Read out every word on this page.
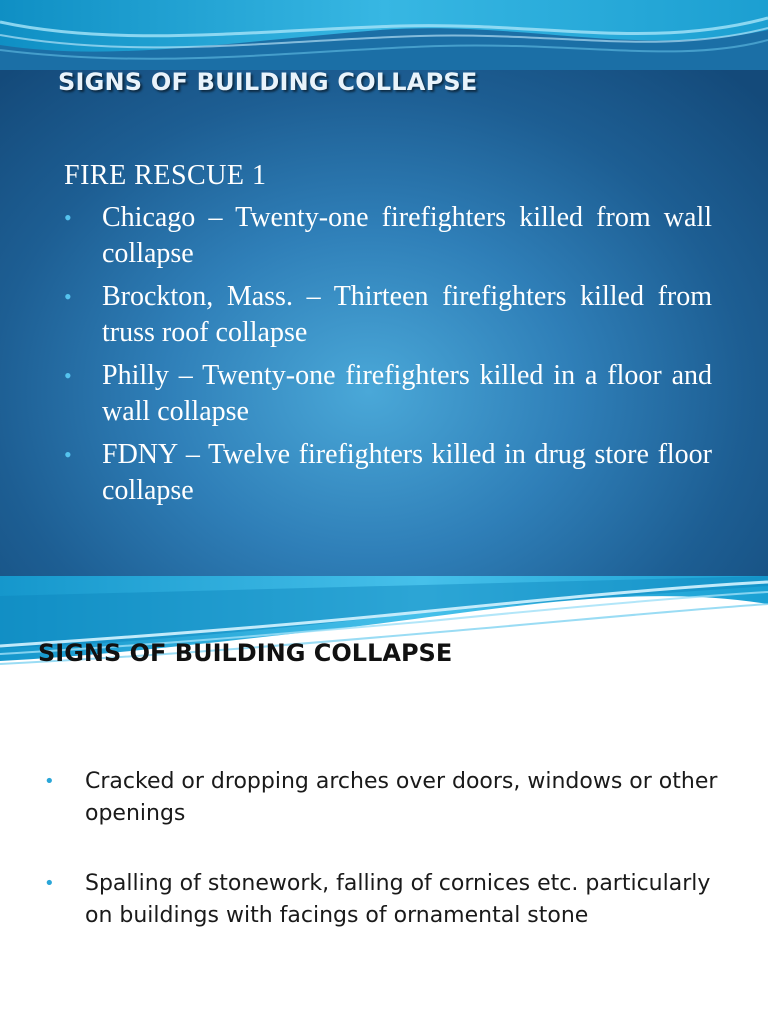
SIGNS OF BUILDING COLLAPSE
FIRE RESCUE 1
• Chicago – Twenty-one firefighters killed from wall collapse
• Brockton, Mass. – Thirteen firefighters killed from truss roof collapse
• Philly – Twenty-one firefighters killed in a floor and wall collapse
• FDNY – Twelve firefighters killed in drug store floor collapse
SIGNS OF BUILDING COLLAPSE
• Cracked or dropping arches over doors, windows or other openings
• Spalling of stonework, falling of cornices etc. particularly on buildings with facings of ornamental stone
